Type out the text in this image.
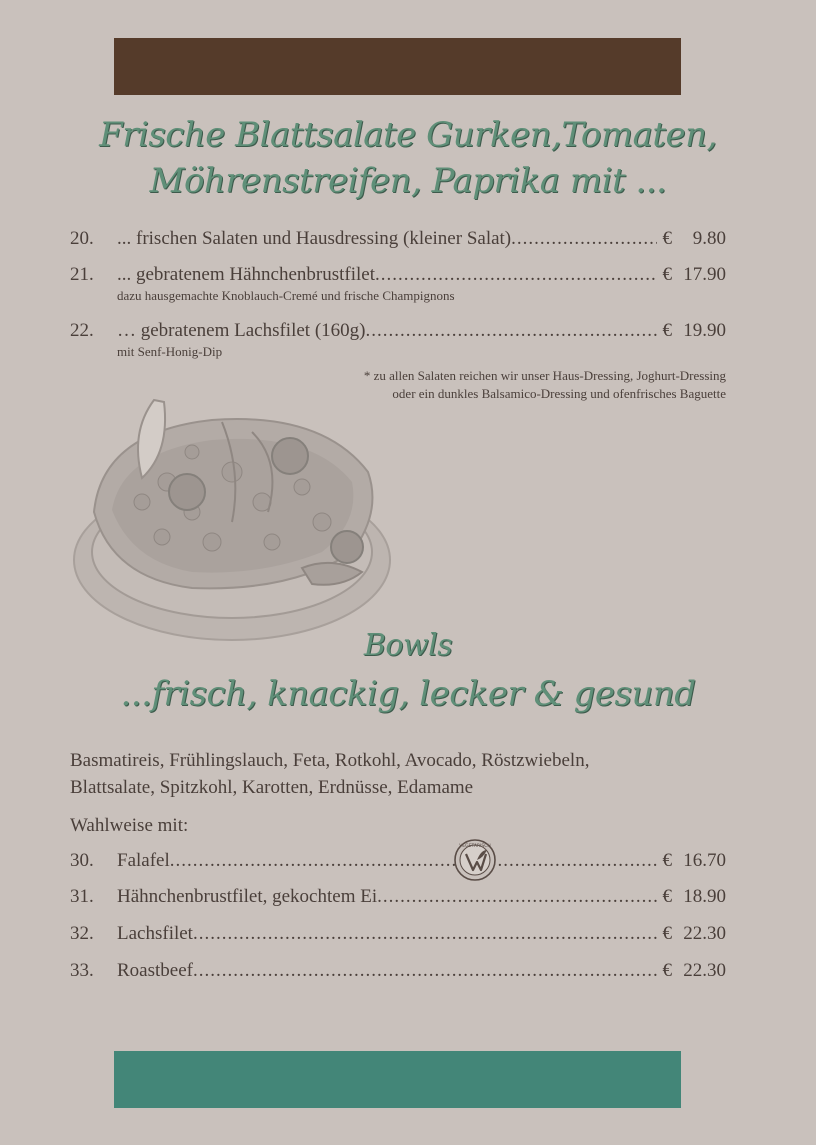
Frische Blattsalate Gurken,Tomaten,
Möhrenstreifen, Paprika mit ...
20.	... frischen Salaten und Hausdressing (kleiner Salat) .....	€	9.80
21.	... gebratenem Hähnchenbrustfilet .....	€ 17.90
dazu hausgemachte Knoblauch-Cremé und frische Champignons
22.	… gebratenem Lachsfilet (160g) .....	€ 19.90
mit Senf-Honig-Dip
* zu allen Salaten reichen wir unser Haus-Dressing, Joghurt-Dressing
oder ein dunkles Balsamico-Dressing und ofenfrisches Baguette
Bowls
...frisch, knackig, lecker & gesund
Basmatireis, Frühlingslauch, Feta, Rotkohl, Avocado, Röstzwiebeln,
Blattsalate, Spitzkohl, Karotten, Erdnüsse, Edamame
Wahlweise mit:
30.	Falafel .....	€ 16.70
VEGETARISCH
31.	Hähnchenbrustfilet, gekochtem Ei .....	€ 18.90
32.	Lachsfilet .....	€ 22.30
33.	Roastbeef .....	€ 22.30
